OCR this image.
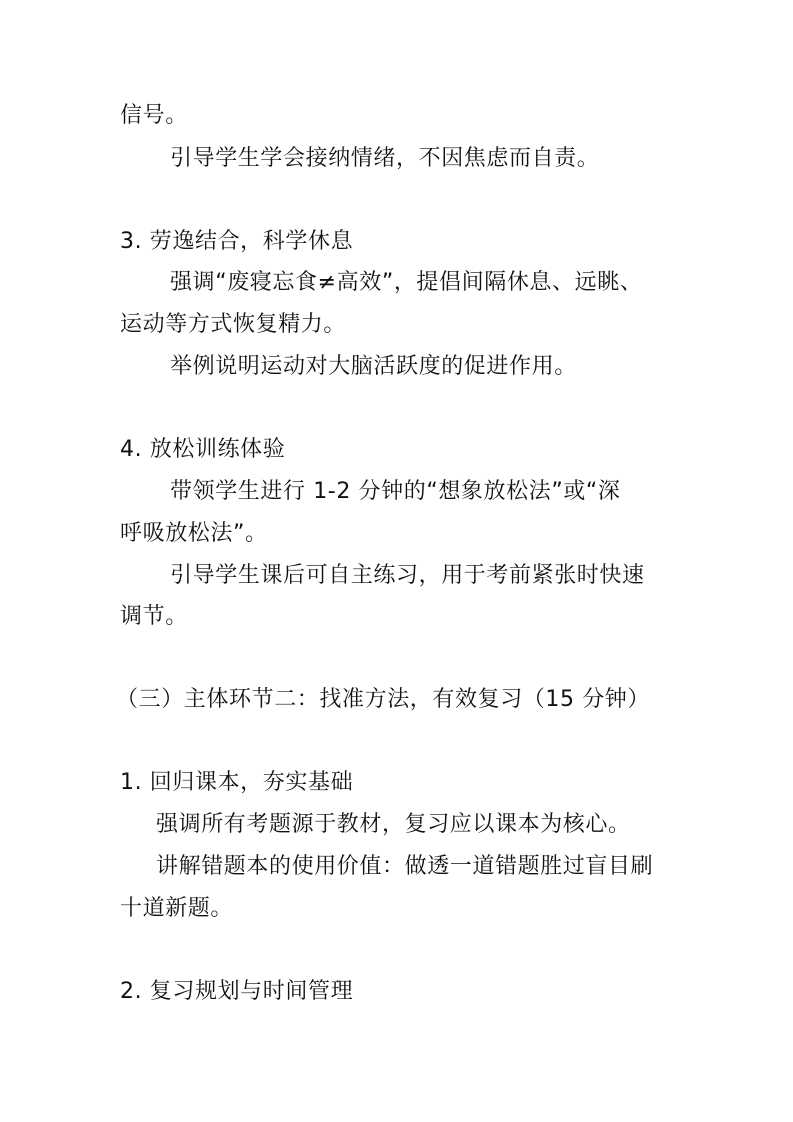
信号。
引导学生学会接纳情绪，不因焦虑而自责。
3. 劳逸结合，科学休息
强调“废寝忘食≠高效”，提倡间隔休息、远眺、
运动等方式恢复精力。
举例说明运动对大脑活跃度的促进作用。
4. 放松训练体验
带领学生进行 1-2 分钟的“想象放松法”或“深
呼吸放松法”。
引导学生课后可自主练习，用于考前紧张时快速
调节。
（三）主体环节二：找准方法，有效复习（15 分钟）
1. 回归课本，夯实基础
强调所有考题源于教材，复习应以课本为核心。
讲解错题本的使用价值：做透一道错题胜过盲目刷
十道新题。
2. 复习规划与时间管理
